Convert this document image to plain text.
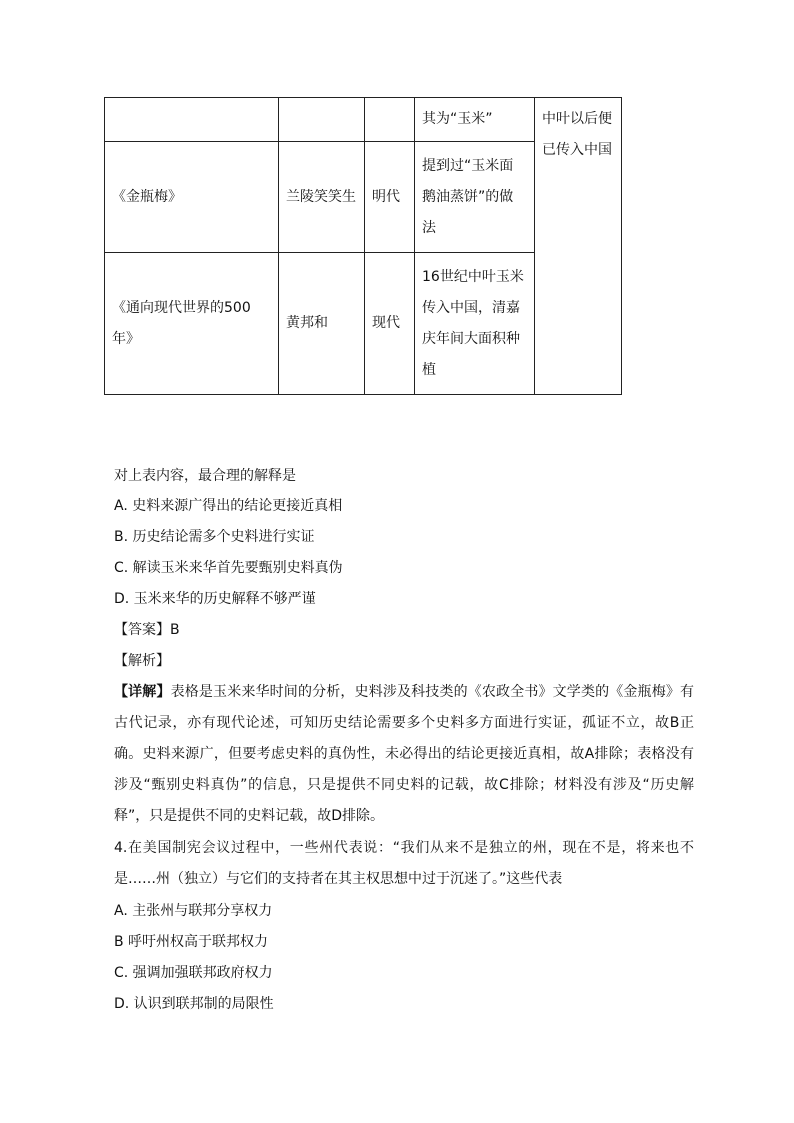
			其为“玉米”	中叶以后便已传入中国
《金瓶梅》	兰陵笑笑生	明代	提到过“玉米面鹅油蒸饼”的做法	
《通向现代世界的500年》	黄邦和	现代	16世纪中叶玉米传入中国，清嘉庆年间大面积种植	

对上表内容，最合理的解释是

A. 史料来源广得出的结论更接近真相

B. 历史结论需多个史料进行实证

C. 解读玉米来华首先要甄别史料真伪

D. 玉米来华的历史解释不够严谨

【答案】B

【解析】

【详解】表格是玉米来华时间的分析，史料涉及科技类的《农政全书》文学类的《金瓶梅》有古代记录，亦有现代论述，可知历史结论需要多个史料多方面进行实证，孤证不立，故B正确。史料来源广，但要考虑史料的真伪性，未必得出的结论更接近真相，故A排除；表格没有涉及“甄别史料真伪”的信息，只是提供不同史料的记载，故C排除；材料没有涉及“历史解释”，只是提供不同的史料记载，故D排除。

4.在美国制宪会议过程中，一些州代表说：“我们从来不是独立的州，现在不是，将来也不是……州（独立）与它们的支持者在其主权思想中过于沉迷了。”这些代表

A. 主张州与联邦分享权力

B 呼吁州权高于联邦权力

C. 强调加强联邦政府权力

D. 认识到联邦制的局限性
